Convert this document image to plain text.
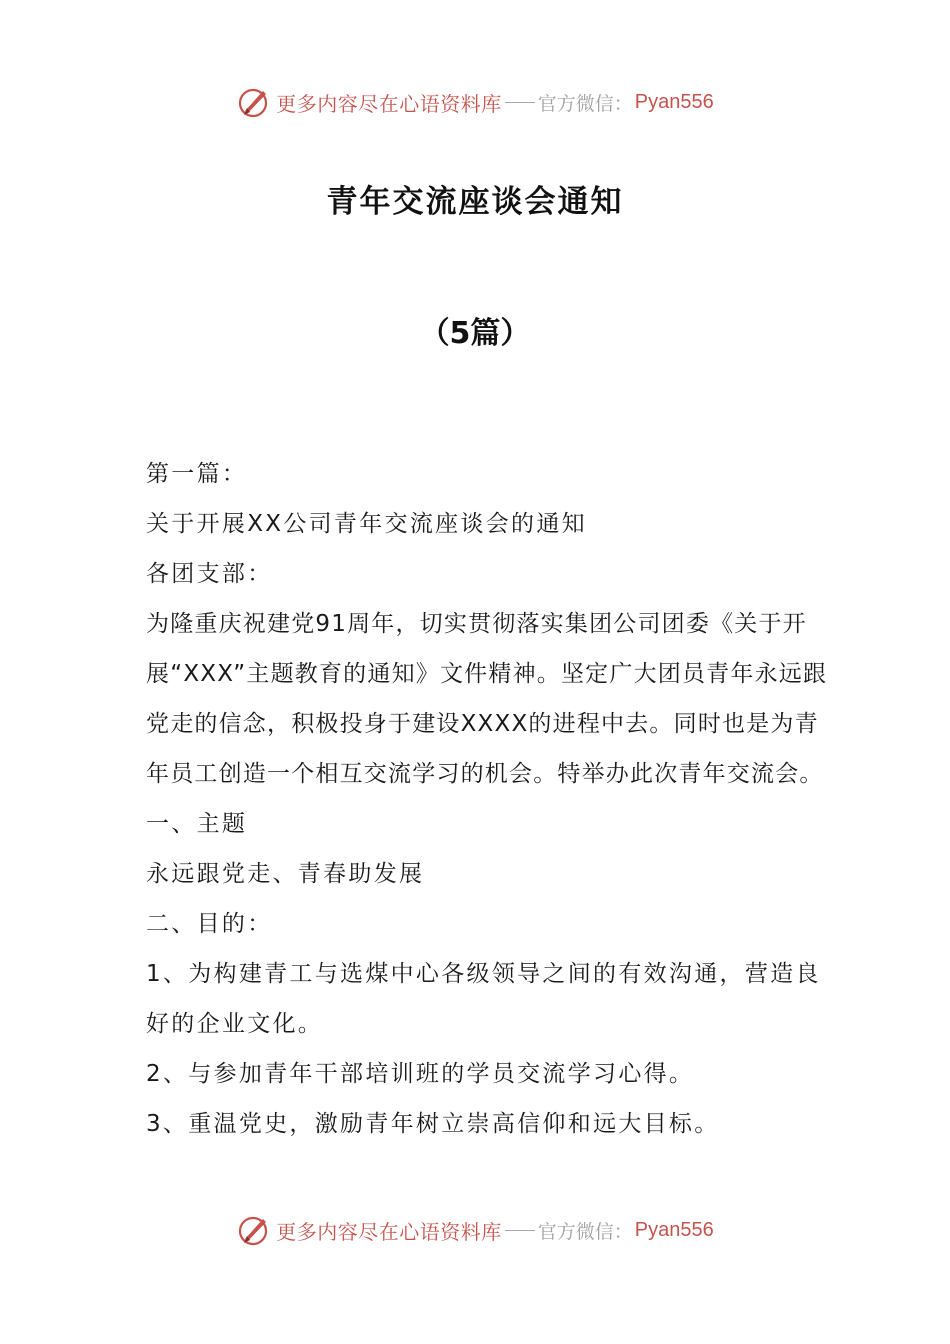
更多内容尽在心语资料库 官方微信： Pyan556
青年交流座谈会通知
（5篇）

第一篇：

关于开展XX公司青年交流座谈会的通知

各团支部：

为隆重庆祝建党91周年，切实贯彻落实集团公司团委《关于开展“XXX”主题教育的通知》文件精神。坚定广大团员青年永远跟党走的信念，积极投身于建设XXXX的进程中去。同时也是为青年员工创造一个相互交流学习的机会。特举办此次青年交流会。

一、主题

永远跟党走、青春助发展

二、目的：

1、为构建青工与选煤中心各级领导之间的有效沟通，营造良好的企业文化。

2、与参加青年干部培训班的学员交流学习心得。

3、重温党史，激励青年树立崇高信仰和远大目标。

更多内容尽在心语资料库 官方微信： Pyan556
